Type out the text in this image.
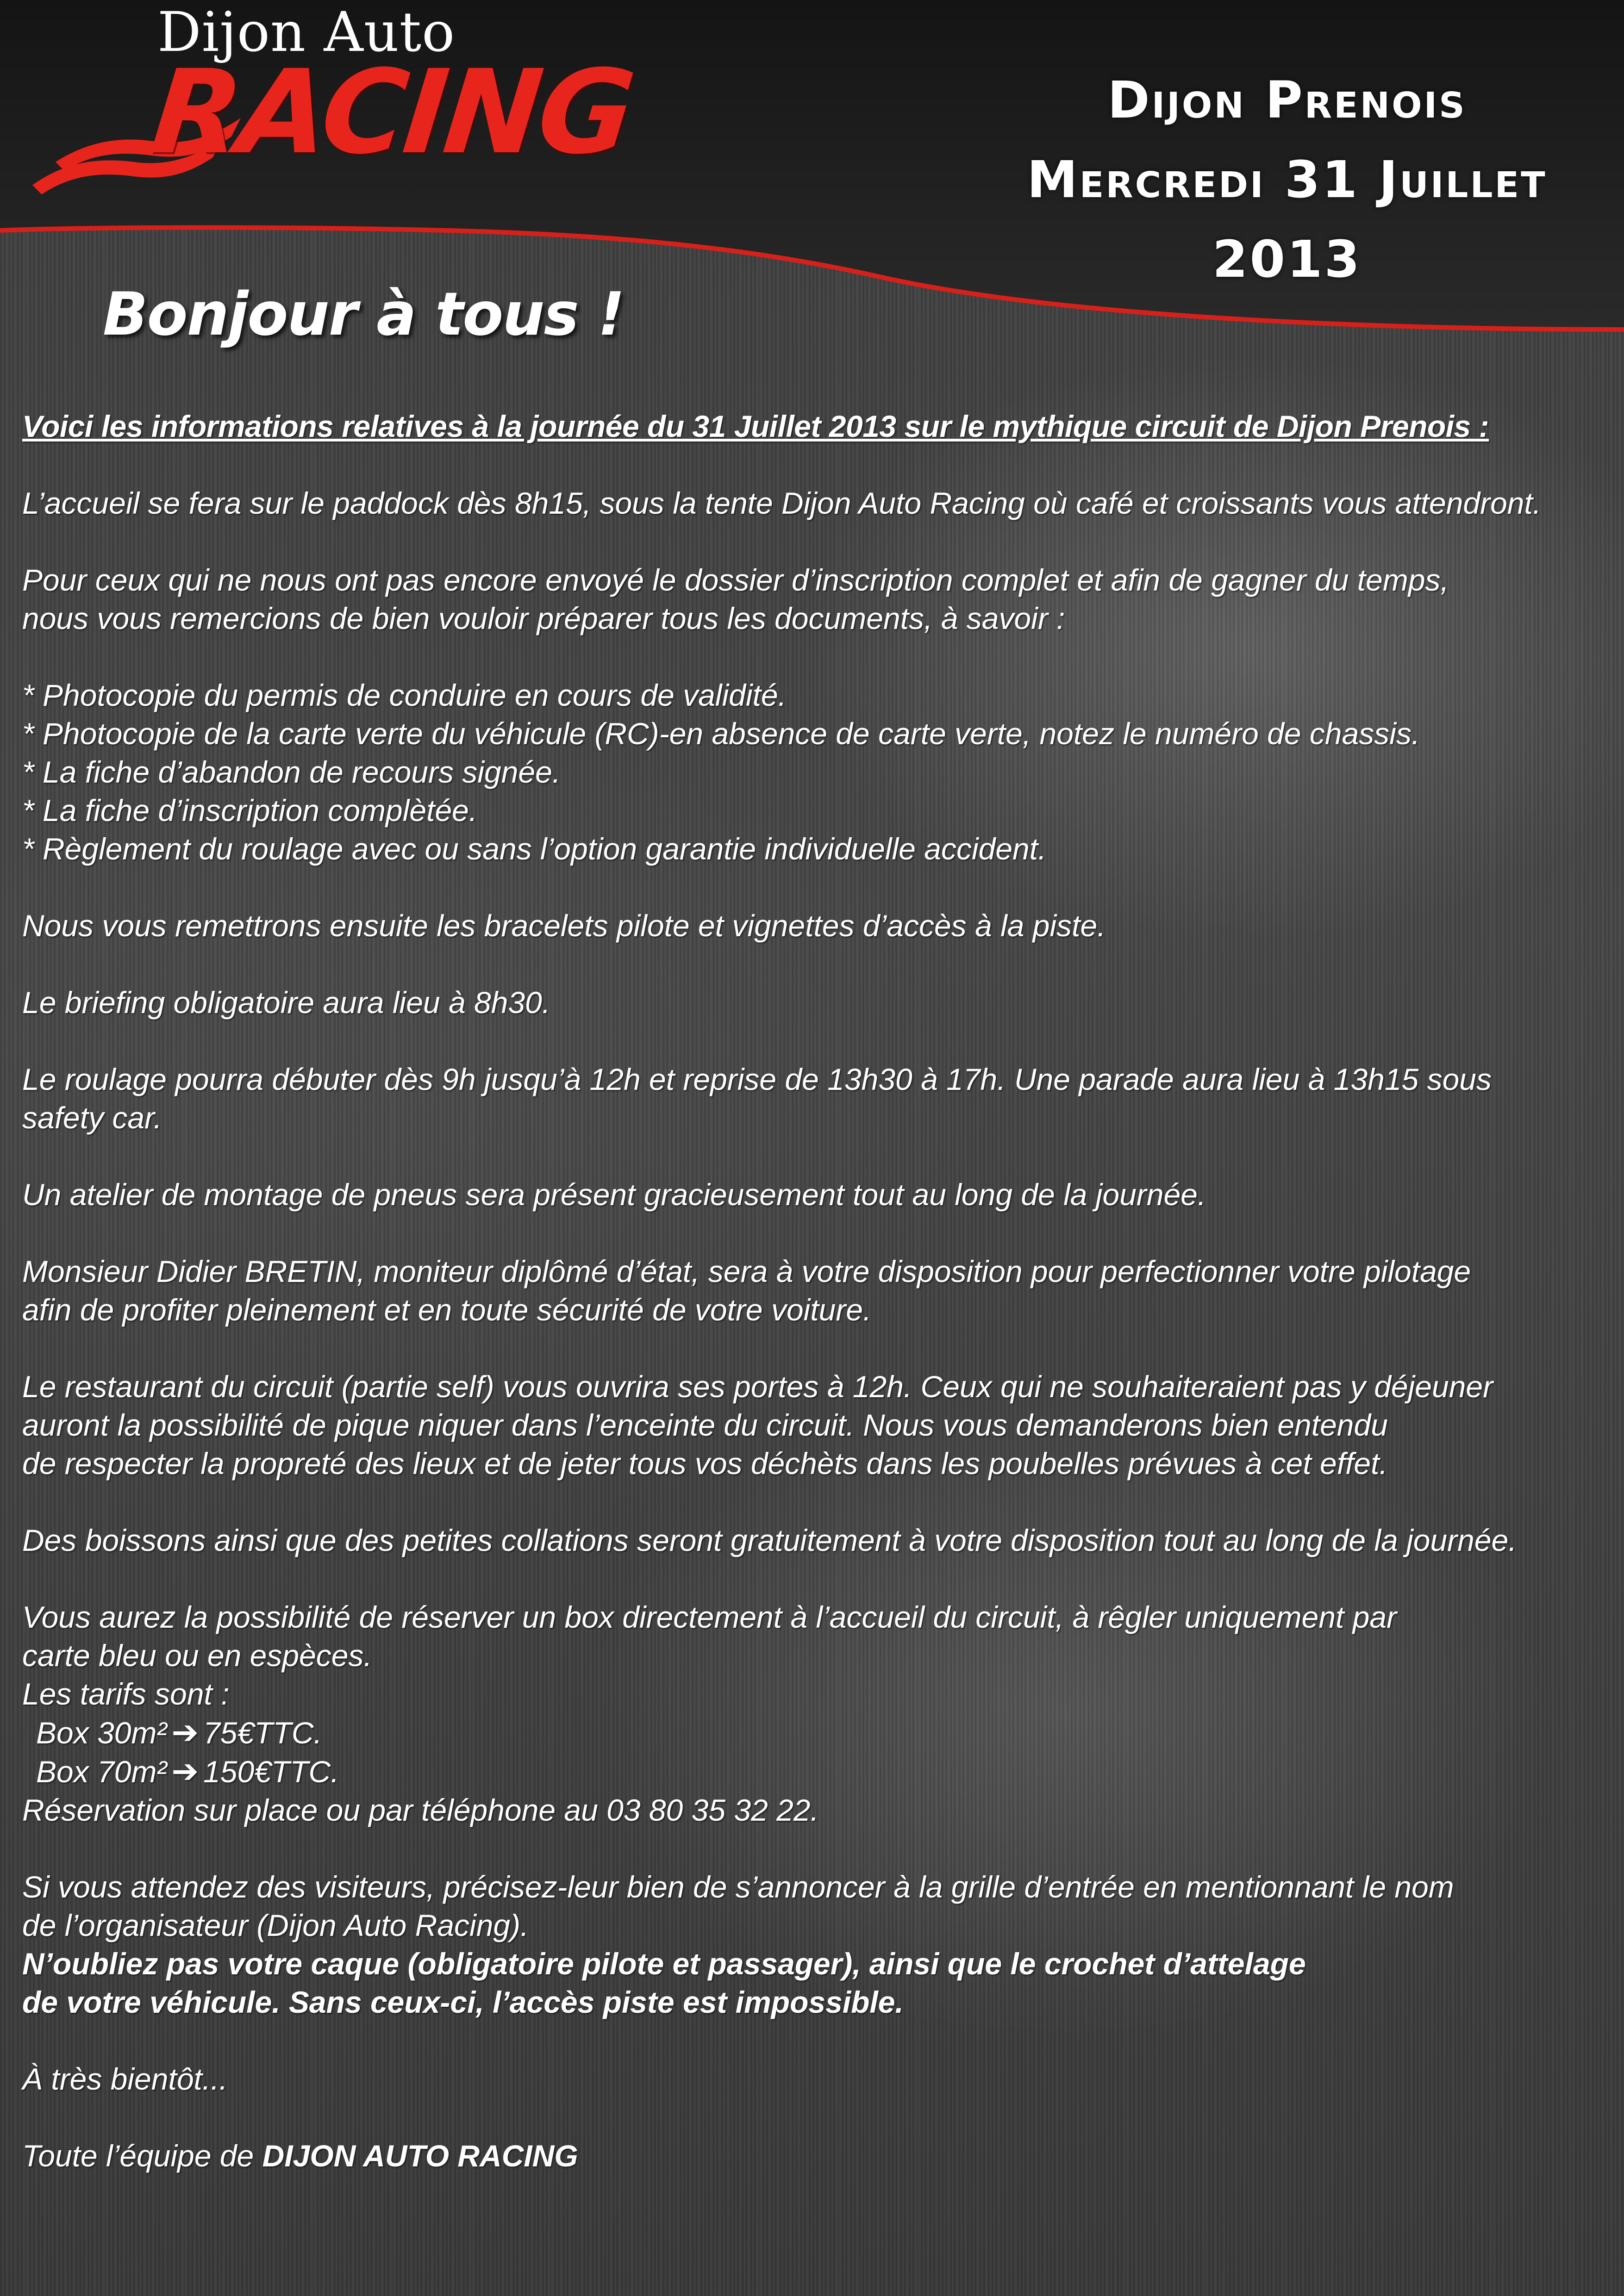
Dijon Auto
RACING	Dijon Prenois
Mercredi 31 Juillet
2013
Bonjour à tous !

Voici les informations relatives à la journée du 31 Juillet 2013 sur le mythique circuit de Dijon Prenois :

L’accueil se fera sur le paddock dès 8h15, sous la tente Dijon Auto Racing où café et croissants vous attendront.

Pour ceux qui ne nous ont pas encore envoyé le dossier d’inscription complet et afin de gagner du temps,
nous vous remercions de bien vouloir préparer tous les documents, à savoir :

* Photocopie du permis de conduire en cours de validité.
* Photocopie de la carte verte du véhicule (RC)-en absence de carte verte, notez le numéro de chassis.
* La fiche d’abandon de recours signée.
* La fiche d’inscription complètée.
* Règlement du roulage avec ou sans l’option garantie individuelle accident.

Nous vous remettrons ensuite les bracelets pilote et vignettes d’accès à la piste.

Le briefing obligatoire aura lieu à 8h30.

Le roulage pourra débuter dès 9h jusqu’à 12h et reprise de 13h30 à 17h. Une parade aura lieu à 13h15 sous
safety car.

Un atelier de montage de pneus sera présent gracieusement tout au long de la journée.

Monsieur Didier BRETIN, moniteur diplômé d’état, sera à votre disposition pour perfectionner votre pilotage
afin de profiter pleinement et en toute sécurité de votre voiture.

Le restaurant du circuit (partie self) vous ouvrira ses portes à 12h. Ceux qui ne souhaiteraient pas y déjeuner
auront la possibilité de pique niquer dans l’enceinte du circuit. Nous vous demanderons bien entendu
de respecter la propreté des lieux et de jeter tous vos déchèts dans les poubelles prévues à cet effet.

Des boissons ainsi que des petites collations seront gratuitement à votre disposition tout au long de la journée.

Vous aurez la possibilité de réserver un box directement à l’accueil du circuit, à rêgler uniquement par
carte bleu ou en espèces.
Les tarifs sont :
Box 30m² ➔ 75€TTC.
Box 70m² ➔ 150€TTC.
Réservation sur place ou par téléphone au 03 80 35 32 22.

Si vous attendez des visiteurs, précisez-leur bien de s’annoncer à la grille d’entrée en mentionnant le nom
de l’organisateur (Dijon Auto Racing).
N’oubliez pas votre caque (obligatoire pilote et passager), ainsi que le crochet d’attelage
de votre véhicule. Sans ceux-ci, l’accès piste est impossible.

À très bientôt...

Toute l’équipe de DIJON AUTO RACING
